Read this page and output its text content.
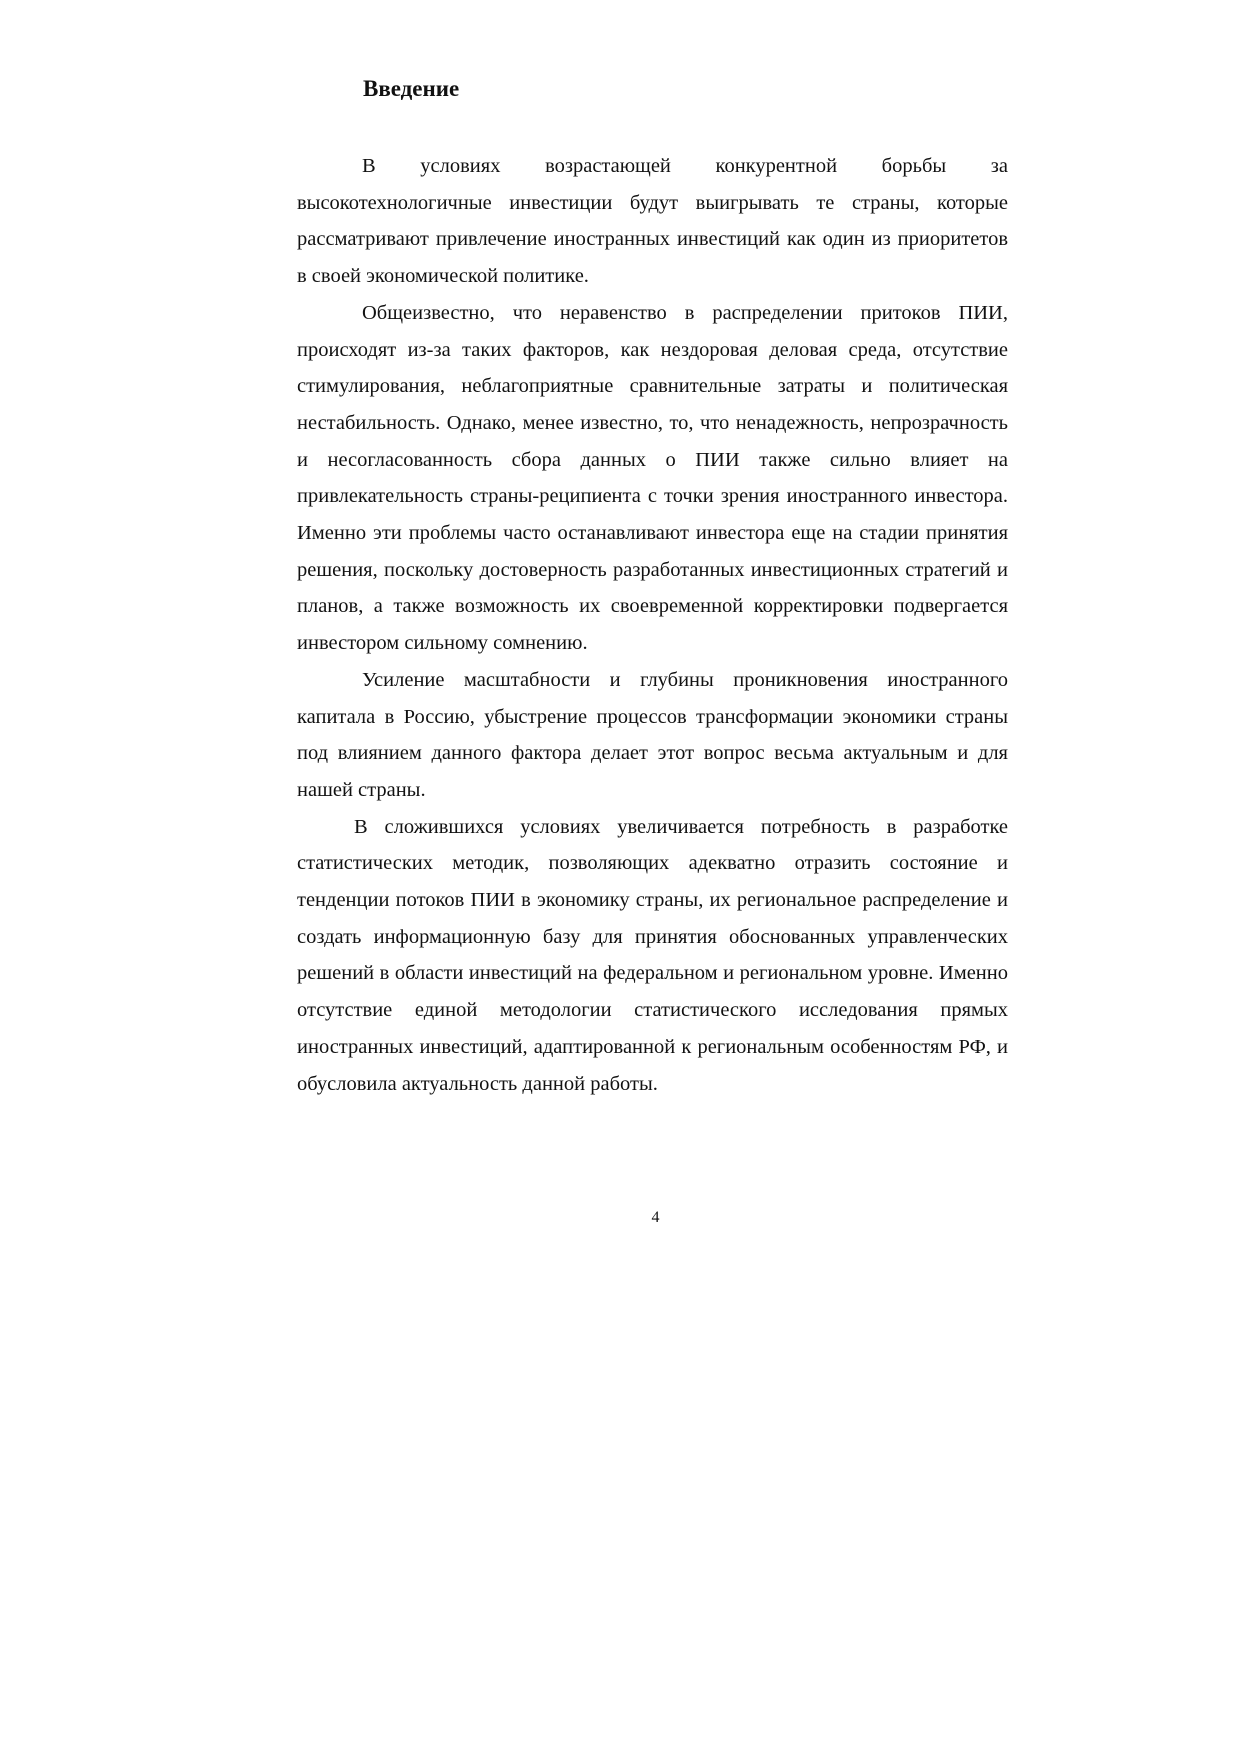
Введение

В условиях возрастающей конкурентной борьбы за высокотехнологичные инвестиции будут выигрывать те страны, которые рассматривают привлечение иностранных инвестиций как один из приоритетов в своей экономической политике.

Общеизвестно, что неравенство в распределении притоков ПИИ, происходят из-за таких факторов, как нездоровая деловая среда, отсутствие стимулирования, неблагоприятные сравнительные затраты и политическая нестабильность. Однако, менее известно, то, что ненадежность, непрозрачность и несогласованность сбора данных о ПИИ также сильно влияет на привлекательность страны-реципиента с точки зрения иностранного инвестора. Именно эти проблемы часто останавливают инвестора еще на стадии принятия решения, поскольку достоверность разработанных инвестиционных стратегий и планов, а также возможность их своевременной корректировки подвергается инвестором сильному сомнению.

Усиление масштабности и глубины проникновения иностранного капитала в Россию, убыстрение процессов трансформации экономики страны под влиянием данного фактора делает этот вопрос весьма актуальным и для нашей страны.

В сложившихся условиях увеличивается потребность в разработке статистических методик, позволяющих адекватно отразить состояние и тенденции потоков ПИИ в экономику страны, их региональное распределение и создать информационную базу для принятия обоснованных управленческих решений в области инвестиций на федеральном и региональном уровне. Именно отсутствие единой методологии статистического исследования прямых иностранных инвестиций, адаптированной к региональным особенностям РФ, и обусловила актуальность данной работы.

4
